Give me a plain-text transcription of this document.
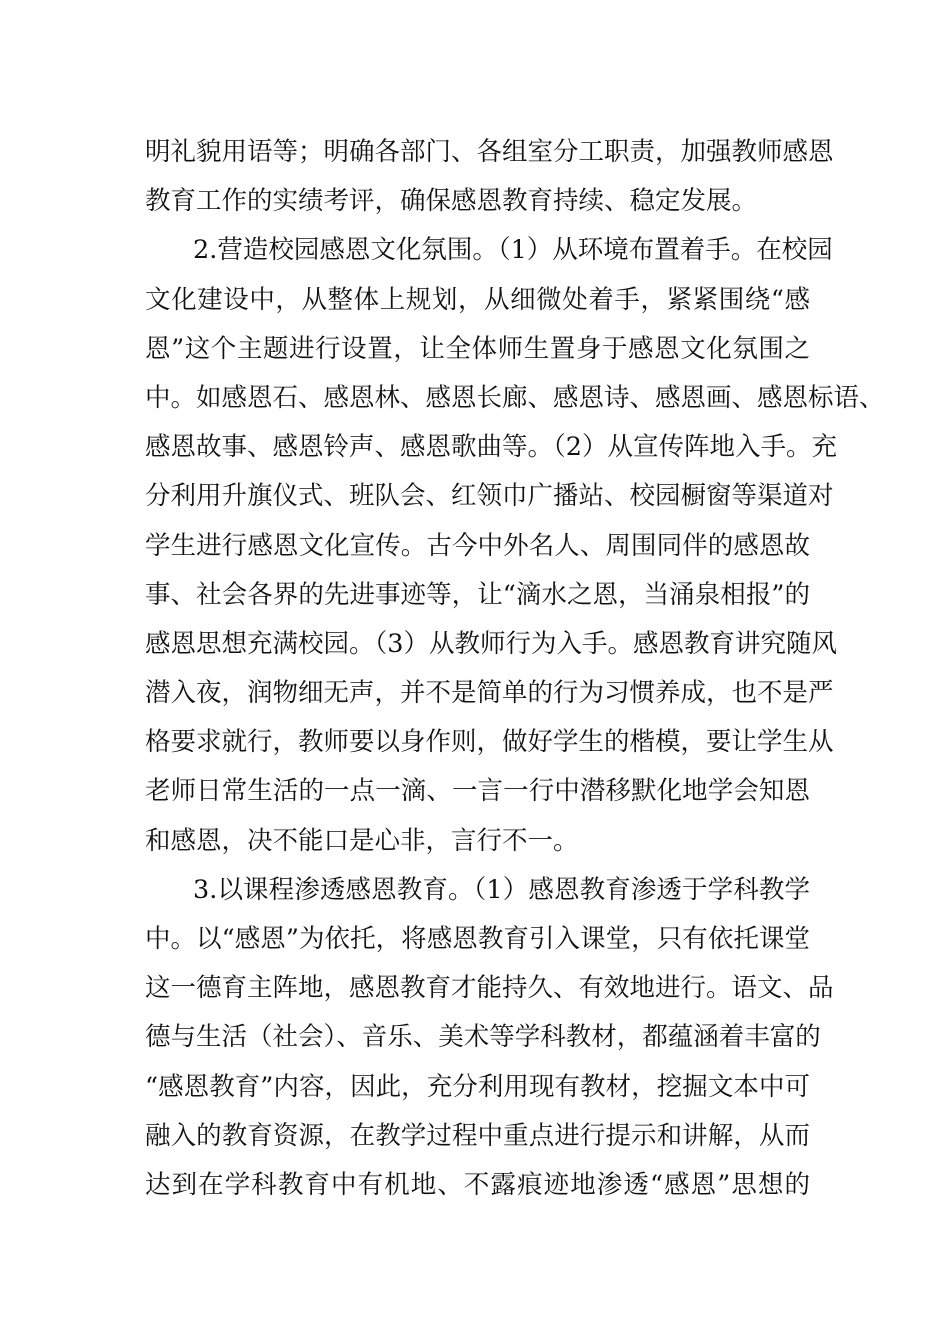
明礼貌用语等；明确各部门、各组室分工职责，加强教师感恩
教育工作的实绩考评，确保感恩教育持续、稳定发展。
2.营造校园感恩文化氛围。（1）从环境布置着手。在校园
文化建设中，从整体上规划，从细微处着手，紧紧围绕“感
恩”这个主题进行设置，让全体师生置身于感恩文化氛围之
中。如感恩石、感恩林、感恩长廊、感恩诗、感恩画、感恩标语、
感恩故事、感恩铃声、感恩歌曲等。（2）从宣传阵地入手。充
分利用升旗仪式、班队会、红领巾广播站、校园橱窗等渠道对
学生进行感恩文化宣传。古今中外名人、周围同伴的感恩故
事、社会各界的先进事迹等，让“滴水之恩，当涌泉相报”的
感恩思想充满校园。（3）从教师行为入手。感恩教育讲究随风
潜入夜，润物细无声，并不是简单的行为习惯养成，也不是严
格要求就行，教师要以身作则，做好学生的楷模，要让学生从
老师日常生活的一点一滴、一言一行中潜移默化地学会知恩
和感恩，决不能口是心非，言行不一。
3.以课程渗透感恩教育。（1）感恩教育渗透于学科教学
中。以“感恩”为依托，将感恩教育引入课堂，只有依托课堂
这一德育主阵地，感恩教育才能持久、有效地进行。语文、品
德与生活（社会）、音乐、美术等学科教材，都蕴涵着丰富的
“感恩教育”内容，因此，充分利用现有教材，挖掘文本中可
融入的教育资源，在教学过程中重点进行提示和讲解，从而
达到在学科教育中有机地、不露痕迹地渗透“感恩”思想的
